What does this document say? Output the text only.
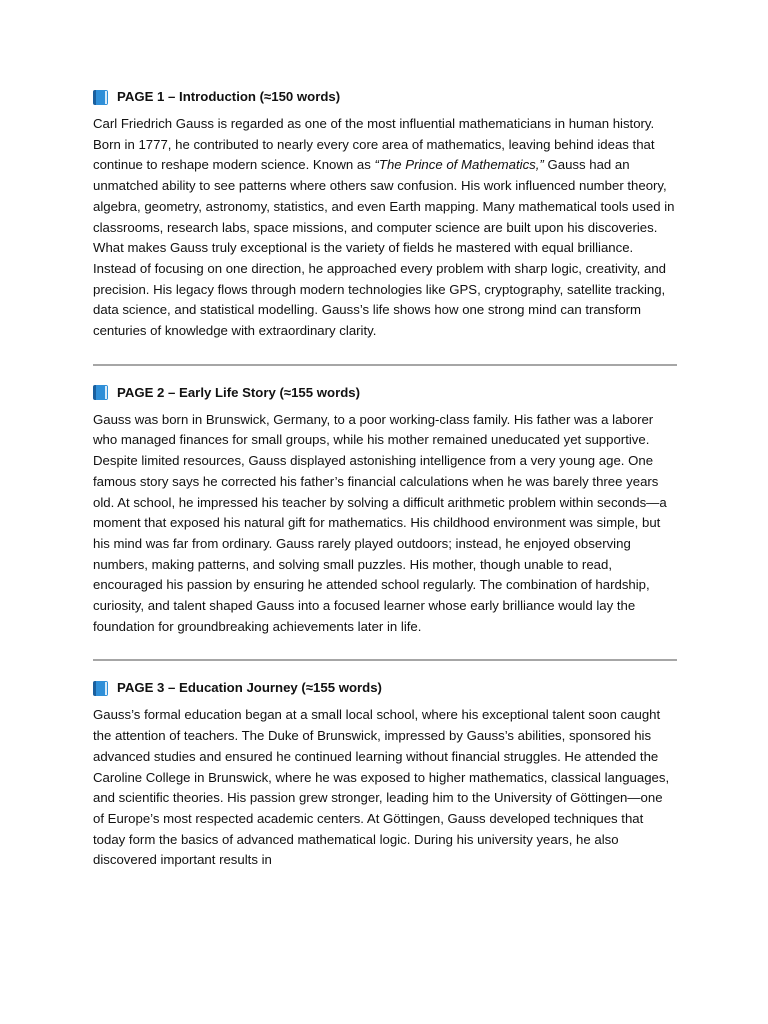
PAGE 1 – Introduction (≈150 words)

Carl Friedrich Gauss is regarded as one of the most influential mathematicians in human history. Born in 1777, he contributed to nearly every core area of mathematics, leaving behind ideas that continue to reshape modern science. Known as “The Prince of Mathematics,” Gauss had an unmatched ability to see patterns where others saw confusion. His work influenced number theory, algebra, geometry, astronomy, statistics, and even Earth mapping. Many mathematical tools used in classrooms, research labs, space missions, and computer science are built upon his discoveries. What makes Gauss truly exceptional is the variety of fields he mastered with equal brilliance. Instead of focusing on one direction, he approached every problem with sharp logic, creativity, and precision. His legacy flows through modern technologies like GPS, cryptography, satellite tracking, data science, and statistical modelling. Gauss’s life shows how one strong mind can transform centuries of knowledge with extraordinary clarity.

PAGE 2 – Early Life Story (≈155 words)

Gauss was born in Brunswick, Germany, to a poor working-class family. His father was a laborer who managed finances for small groups, while his mother remained uneducated yet supportive. Despite limited resources, Gauss displayed astonishing intelligence from a very young age. One famous story says he corrected his father’s financial calculations when he was barely three years old. At school, he impressed his teacher by solving a difficult arithmetic problem within seconds—a moment that exposed his natural gift for mathematics. His childhood environment was simple, but his mind was far from ordinary. Gauss rarely played outdoors; instead, he enjoyed observing numbers, making patterns, and solving small puzzles. His mother, though unable to read, encouraged his passion by ensuring he attended school regularly. The combination of hardship, curiosity, and talent shaped Gauss into a focused learner whose early brilliance would lay the foundation for groundbreaking achievements later in life.

PAGE 3 – Education Journey (≈155 words)

Gauss’s formal education began at a small local school, where his exceptional talent soon caught the attention of teachers. The Duke of Brunswick, impressed by Gauss’s abilities, sponsored his advanced studies and ensured he continued learning without financial struggles. He attended the Caroline College in Brunswick, where he was exposed to higher mathematics, classical languages, and scientific theories. His passion grew stronger, leading him to the University of Göttingen—one of Europe’s most respected academic centers. At Göttingen, Gauss developed techniques that today form the basics of advanced mathematical logic. During his university years, he also discovered important results in
